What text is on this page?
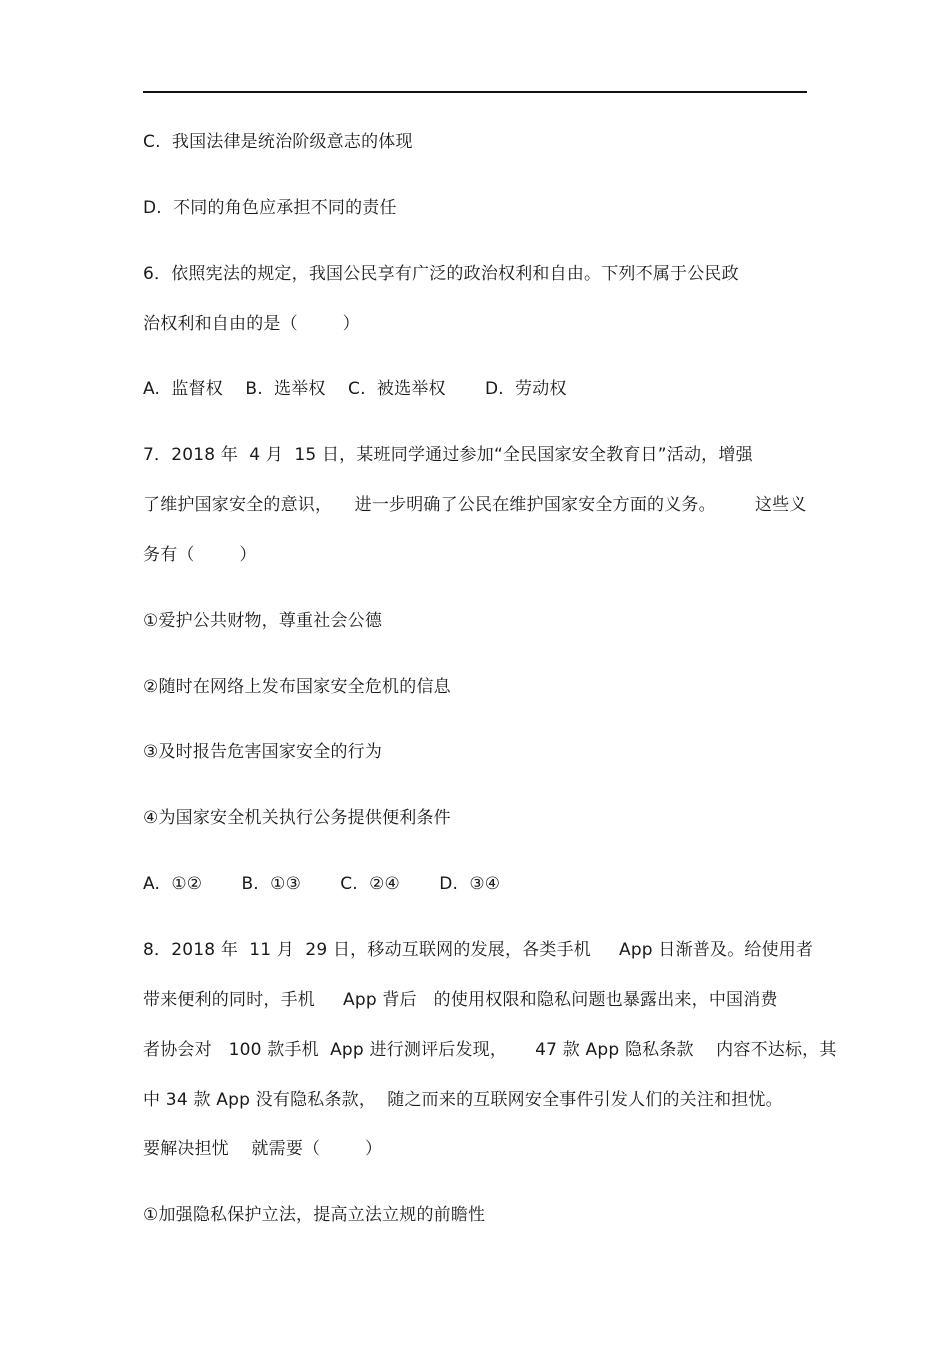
C.  我国法律是统治阶级意志的体现
D.  不同的角色应承担不同的责任
6．依照宪法的规定，我国公民享有广泛的政治权利和自由。下列不属于公民政
治权利和自由的是（        ）
A.  监督权    B.  选举权    C.  被选举权       D.  劳动权
7．2018 年  4 月  15 日，某班同学通过参加“全民国家安全教育日”活动，增强
了维护国家安全的意识，    进一步明确了公民在维护国家安全方面的义务。       这些义
务有（        ）
①爱护公共财物，尊重社会公德
②随时在网络上发布国家安全危机的信息
③及时报告危害国家安全的行为
④为国家安全机关执行公务提供便利条件
A.  ①②       B.  ①③       C.  ②④       D.  ③④
8．2018 年  11 月  29 日，移动互联网的发展，各类手机     App 日渐普及。给使用者
带来便利的同时，手机     App 背后   的使用权限和隐私问题也暴露出来，中国消费
者协会对   100 款手机  App 进行测评后发现，     47 款 App 隐私条款    内容不达标，其
中 34 款 App 没有隐私条款，  随之而来的互联网安全事件引发人们的关注和担忧。
要解决担忧    就需要（        ）
①加强隐私保护立法，提高立法立规的前瞻性
